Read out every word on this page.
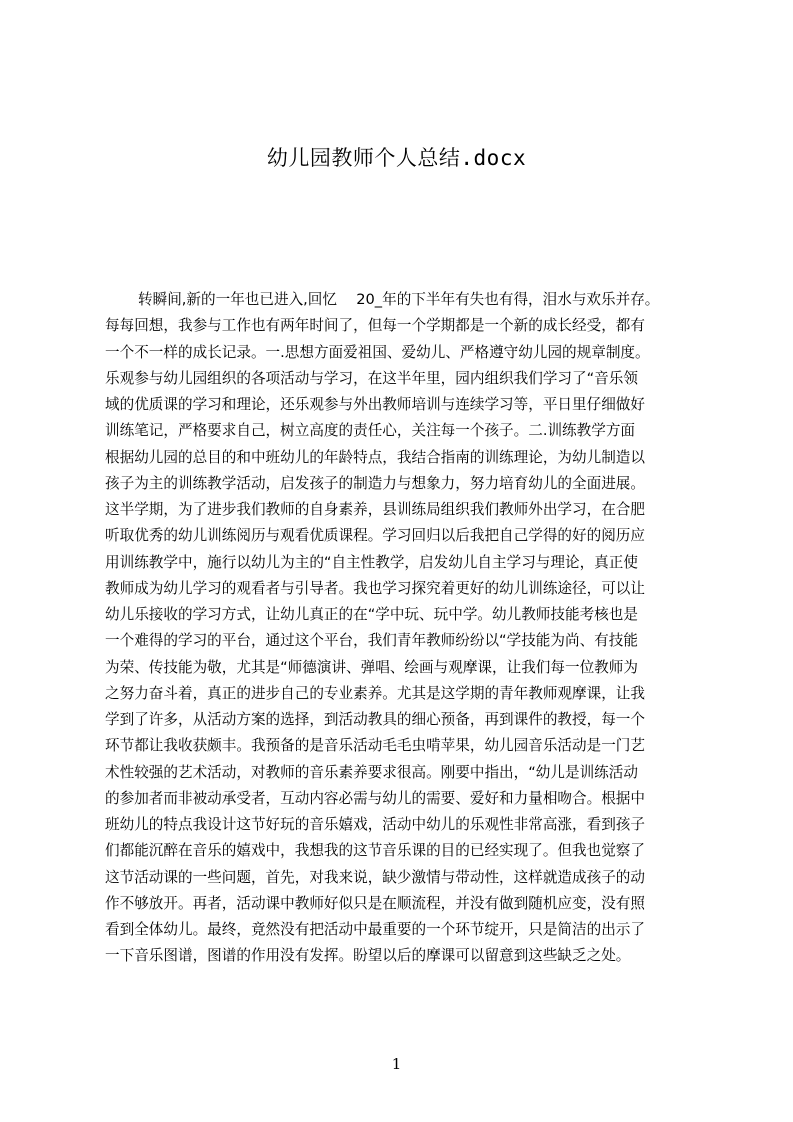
幼儿园教师个人总结.docx
转瞬间,新的一年也已进入,回忆　 20_年的下半年有失也有得，泪水与欢乐并存。
每每回想，我参与工作也有两年时间了，但每一个学期都是一个新的成长经受，都有
一个不一样的成长记录。一.思想方面爱祖国、爱幼儿、严格遵守幼儿园的规章制度。
乐观参与幼儿园组织的各项活动与学习，在这半年里，园内组织我们学习了“音乐领
域的优质课的学习和理论，还乐观参与外出教师培训与连续学习等，平日里仔细做好
训练笔记，严格要求自己，树立高度的责任心，关注每一个孩子。二.训练教学方面
根据幼儿园的总目的和中班幼儿的年龄特点，我结合指南的训练理论，为幼儿制造以
孩子为主的训练教学活动，启发孩子的制造力与想象力，努力培育幼儿的全面进展。
这半学期，为了进步我们教师的自身素养，县训练局组织我们教师外出学习，在合肥
听取优秀的幼儿训练阅历与观看优质课程。学习回归以后我把自己学得的好的阅历应
用训练教学中，施行以幼儿为主的“自主性教学，启发幼儿自主学习与理论，真正使
教师成为幼儿学习的观看者与引导者。我也学习探究着更好的幼儿训练途径，可以让
幼儿乐接收的学习方式，让幼儿真正的在“学中玩、玩中学。幼儿教师技能考核也是
一个难得的学习的平台，通过这个平台，我们青年教师纷纷以“学技能为尚、有技能
为荣、传技能为敬，尤其是“师德演讲、弹唱、绘画与观摩课，让我们每一位教师为
之努力奋斗着，真正的进步自己的专业素养。尤其是这学期的青年教师观摩课，让我
学到了许多，从活动方案的选择，到活动教具的细心预备，再到课件的教授，每一个
环节都让我收获颇丰。我预备的是音乐活动毛毛虫啃苹果，幼儿园音乐活动是一门艺
术性较强的艺术活动，对教师的音乐素养要求很高。刚要中指出，“幼儿是训练活动
的参加者而非被动承受者，互动内容必需与幼儿的需要、爱好和力量相吻合。根据中
班幼儿的特点我设计这节好玩的音乐嬉戏，活动中幼儿的乐观性非常高涨，看到孩子
们都能沉醉在音乐的嬉戏中，我想我的这节音乐课的目的已经实现了。但我也觉察了
这节活动课的一些问题，首先，对我来说，缺少激情与带动性，这样就造成孩子的动
作不够放开。再者，活动课中教师好似只是在顺流程，并没有做到随机应变，没有照
看到全体幼儿。最终，竟然没有把活动中最重要的一个环节绽开，只是简洁的出示了
一下音乐图谱，图谱的作用没有发挥。盼望以后的摩课可以留意到这些缺乏之处。
1
